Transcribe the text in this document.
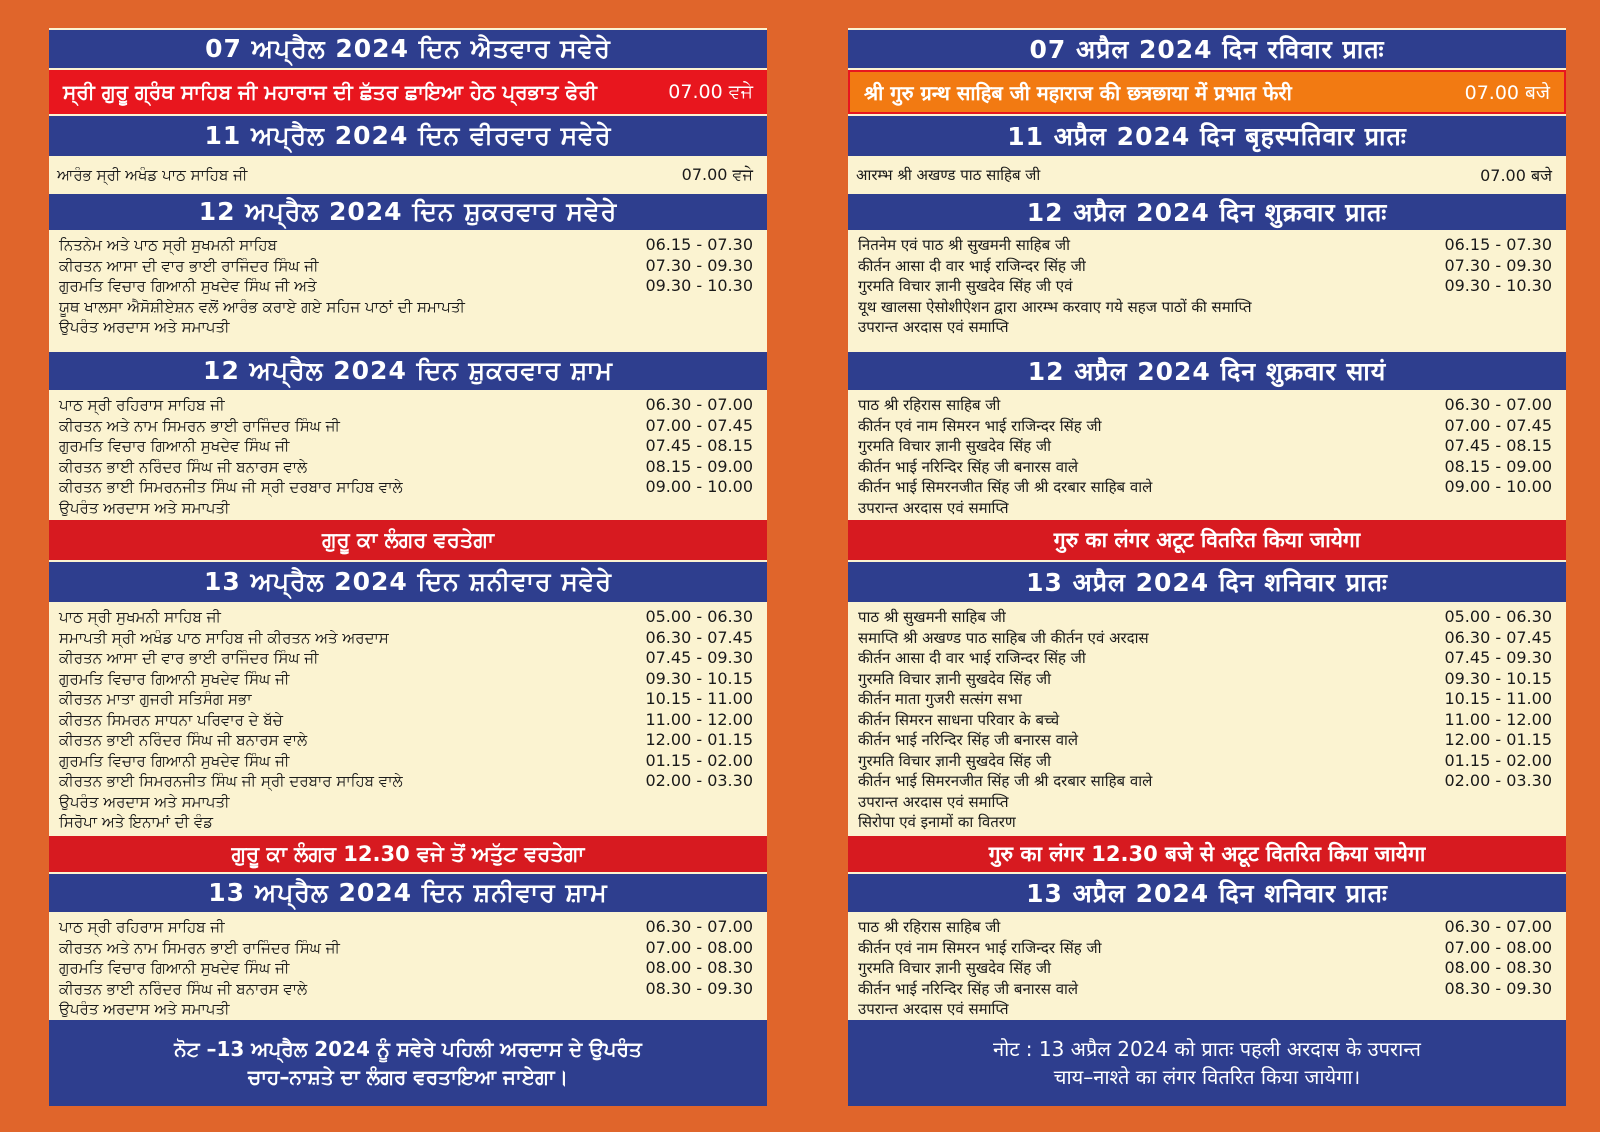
07 ਅਪ੍ਰੈਲ 2024 ਦਿਨ ਐਤਵਾਰ ਸਵੇਰੇ
ਸ੍ਰੀ ਗੁਰੂ ਗ੍ਰੰਥ ਸਾਹਿਬ ਜੀ ਮਹਾਰਾਜ ਦੀ ਛੱਤਰ ਛਾਇਆ ਹੇਠ ਪ੍ਰਭਾਤ ਫੇਰੀ	07.00 ਵਜੇ
11 ਅਪ੍ਰੈਲ 2024 ਦਿਨ ਵੀਰਵਾਰ ਸਵੇਰੇ
ਆਰੰਭ ਸ੍ਰੀ ਅਖੰਡ ਪਾਠ ਸਾਹਿਬ ਜੀ	07.00 ਵਜੇ
12 ਅਪ੍ਰੈਲ 2024 ਦਿਨ ਸ਼ੁਕਰਵਾਰ ਸਵੇਰੇ
ਨਿਤਨੇਮ ਅਤੇ ਪਾਠ ਸ੍ਰੀ ਸੁਖਮਨੀ ਸਾਹਿਬ	06.15 - 07.30
ਕੀਰਤਨ ਆਸਾ ਦੀ ਵਾਰ ਭਾਈ ਰਾਜਿੰਦਰ ਸਿੰਘ ਜੀ	07.30 - 09.30
ਗੁਰਮਤਿ ਵਿਚਾਰ ਗਿਆਨੀ ਸੁਖਦੇਵ ਸਿੰਘ ਜੀ ਅਤੇ	09.30 - 10.30
ਯੂਥ ਖਾਲਸਾ ਐਸੋਸ਼ੀਏਸ਼ਨ ਵਲੋਂ ਆਰੰਭ ਕਰਾਏ ਗਏ ਸਹਿਜ ਪਾਠਾਂ ਦੀ ਸਮਾਪਤੀ
ਉਪਰੰਤ ਅਰਦਾਸ ਅਤੇ ਸਮਾਪਤੀ
12 ਅਪ੍ਰੈਲ 2024 ਦਿਨ ਸ਼ੁਕਰਵਾਰ ਸ਼ਾਮ
ਪਾਠ ਸ੍ਰੀ ਰਹਿਰਾਸ ਸਾਹਿਬ ਜੀ	06.30 - 07.00
ਕੀਰਤਨ ਅਤੇ ਨਾਮ ਸਿਮਰਨ ਭਾਈ ਰਾਜਿੰਦਰ ਸਿੰਘ ਜੀ	07.00 - 07.45
ਗੁਰਮਤਿ ਵਿਚਾਰ ਗਿਆਨੀ ਸੁਖਦੇਵ ਸਿੰਘ ਜੀ	07.45 - 08.15
ਕੀਰਤਨ ਭਾਈ ਨਰਿੰਦਰ ਸਿੰਘ ਜੀ ਬਨਾਰਸ ਵਾਲੇ	08.15 - 09.00
ਕੀਰਤਨ ਭਾਈ ਸਿਮਰਨਜੀਤ ਸਿੰਘ ਜੀ ਸ੍ਰੀ ਦਰਬਾਰ ਸਾਹਿਬ ਵਾਲੇ	09.00 - 10.00
ਉਪਰੰਤ ਅਰਦਾਸ ਅਤੇ ਸਮਾਪਤੀ
ਗੁਰੂ ਕਾ ਲੰਗਰ ਵਰਤੇਗਾ
13 ਅਪ੍ਰੈਲ 2024 ਦਿਨ ਸ਼ਨੀਵਾਰ ਸਵੇਰੇ
ਪਾਠ ਸ੍ਰੀ ਸੁਖਮਨੀ ਸਾਹਿਬ ਜੀ	05.00 - 06.30
ਸਮਾਪਤੀ ਸ੍ਰੀ ਅਖੰਡ ਪਾਠ ਸਾਹਿਬ ਜੀ ਕੀਰਤਨ ਅਤੇ ਅਰਦਾਸ	06.30 - 07.45
ਕੀਰਤਨ ਆਸਾ ਦੀ ਵਾਰ ਭਾਈ ਰਾਜਿੰਦਰ ਸਿੰਘ ਜੀ	07.45 - 09.30
ਗੁਰਮਤਿ ਵਿਚਾਰ ਗਿਆਨੀ ਸੁਖਦੇਵ ਸਿੰਘ ਜੀ	09.30 - 10.15
ਕੀਰਤਨ ਮਾਤਾ ਗੁਜਰੀ ਸਤਿਸੰਗ ਸਭਾ	10.15 - 11.00
ਕੀਰਤਨ ਸਿਮਰਨ ਸਾਧਨਾ ਪਰਿਵਾਰ ਦੇ ਬੱਚੇ	11.00 - 12.00
ਕੀਰਤਨ ਭਾਈ ਨਰਿੰਦਰ ਸਿੰਘ ਜੀ ਬਨਾਰਸ ਵਾਲੇ	12.00 - 01.15
ਗੁਰਮਤਿ ਵਿਚਾਰ ਗਿਆਨੀ ਸੁਖਦੇਵ ਸਿੰਘ ਜੀ	01.15 - 02.00
ਕੀਰਤਨ ਭਾਈ ਸਿਮਰਨਜੀਤ ਸਿੰਘ ਜੀ ਸ੍ਰੀ ਦਰਬਾਰ ਸਾਹਿਬ ਵਾਲੇ	02.00 - 03.30
ਉਪਰੰਤ ਅਰਦਾਸ ਅਤੇ ਸਮਾਪਤੀ
ਸਿਰੋਪਾ ਅਤੇ ਇਨਾਮਾਂ ਦੀ ਵੰਡ
ਗੁਰੂ ਕਾ ਲੰਗਰ 12.30 ਵਜੇ ਤੋਂ ਅਤੁੱਟ ਵਰਤੇਗਾ
13 ਅਪ੍ਰੈਲ 2024 ਦਿਨ ਸ਼ਨੀਵਾਰ ਸ਼ਾਮ
ਪਾਠ ਸ੍ਰੀ ਰਹਿਰਾਸ ਸਾਹਿਬ ਜੀ	06.30 - 07.00
ਕੀਰਤਨ ਅਤੇ ਨਾਮ ਸਿਮਰਨ ਭਾਈ ਰਾਜਿੰਦਰ ਸਿੰਘ ਜੀ	07.00 - 08.00
ਗੁਰਮਤਿ ਵਿਚਾਰ ਗਿਆਨੀ ਸੁਖਦੇਵ ਸਿੰਘ ਜੀ	08.00 - 08.30
ਕੀਰਤਨ ਭਾਈ ਨਰਿੰਦਰ ਸਿੰਘ ਜੀ ਬਨਾਰਸ ਵਾਲੇ	08.30 - 09.30
ਉਪਰੰਤ ਅਰਦਾਸ ਅਤੇ ਸਮਾਪਤੀ
ਨੋਟ –13 ਅਪ੍ਰੈਲ 2024 ਨੂੰ ਸਵੇਰੇ ਪਹਿਲੀ ਅਰਦਾਸ ਦੇ ਉਪਰੰਤ
ਚਾਹ–ਨਾਸ਼ਤੇ ਦਾ ਲੰਗਰ ਵਰਤਾਇਆ ਜਾਏਗਾ।
07 अप्रैल 2024 दिन रविवार प्रातः
श्री गुरु ग्रन्थ साहिब जी महाराज की छत्रछाया में प्रभात फेरी	07.00 बजे
11 अप्रैल 2024 दिन बृहस्पतिवार प्रातः
आरम्भ श्री अखण्ड पाठ साहिब जी	07.00 बजे
12 अप्रैल 2024 दिन शुक्रवार प्रातः
नितनेम एवं पाठ श्री सुखमनी साहिब जी	06.15 - 07.30
कीर्तन आसा दी वार भाई राजिन्दर सिंह जी	07.30 - 09.30
गुरमति विचार ज्ञानी सुखदेव सिंह जी एवं	09.30 - 10.30
यूथ खालसा ऐसोशीऐशन द्वारा आरम्भ करवाए गये सहज पाठों की समाप्ति
उपरान्त अरदास एवं समाप्ति
12 अप्रैल 2024 दिन शुक्रवार सायं
पाठ श्री रहिरास साहिब जी	06.30 - 07.00
कीर्तन एवं नाम सिमरन भाई राजिन्दर सिंह जी	07.00 - 07.45
गुरमति विचार ज्ञानी सुखदेव सिंह जी	07.45 - 08.15
कीर्तन भाई नरिन्दिर सिंह जी बनारस वाले	08.15 - 09.00
कीर्तन भाई सिमरनजीत सिंह जी श्री दरबार साहिब वाले	09.00 - 10.00
उपरान्त अरदास एवं समाप्ति
गुरु का लंगर अटूट वितरित किया जायेगा
13 अप्रैल 2024 दिन शनिवार प्रातः
पाठ श्री सुखमनी साहिब जी	05.00 - 06.30
समाप्ति श्री अखण्ड पाठ साहिब जी कीर्तन एवं अरदास	06.30 - 07.45
कीर्तन आसा दी वार भाई राजिन्दर सिंह जी	07.45 - 09.30
गुरमति विचार ज्ञानी सुखदेव सिंह जी	09.30 - 10.15
कीर्तन माता गुजरी सत्संग सभा	10.15 - 11.00
कीर्तन सिमरन साधना परिवार के बच्चे	11.00 - 12.00
कीर्तन भाई नरिन्दिर सिंह जी बनारस वाले	12.00 - 01.15
गुरमति विचार ज्ञानी सुखदेव सिंह जी	01.15 - 02.00
कीर्तन भाई सिमरनजीत सिंह जी श्री दरबार साहिब वाले	02.00 - 03.30
उपरान्त अरदास एवं समाप्ति
सिरोपा एवं इनामों का वितरण
गुरु का लंगर 12.30 बजे से अटूट वितरित किया जायेगा
13 अप्रैल 2024 दिन शनिवार प्रातः
पाठ श्री रहिरास साहिब जी	06.30 - 07.00
कीर्तन एवं नाम सिमरन भाई राजिन्दर सिंह जी	07.00 - 08.00
गुरमति विचार ज्ञानी सुखदेव सिंह जी	08.00 - 08.30
कीर्तन भाई नरिन्दिर सिंह जी बनारस वाले	08.30 - 09.30
उपरान्त अरदास एवं समाप्ति
नोट : 13 अप्रैल 2024 को प्रातः पहली अरदास के उपरान्त
चाय–नाश्ते का लंगर वितरित किया जायेगा।
